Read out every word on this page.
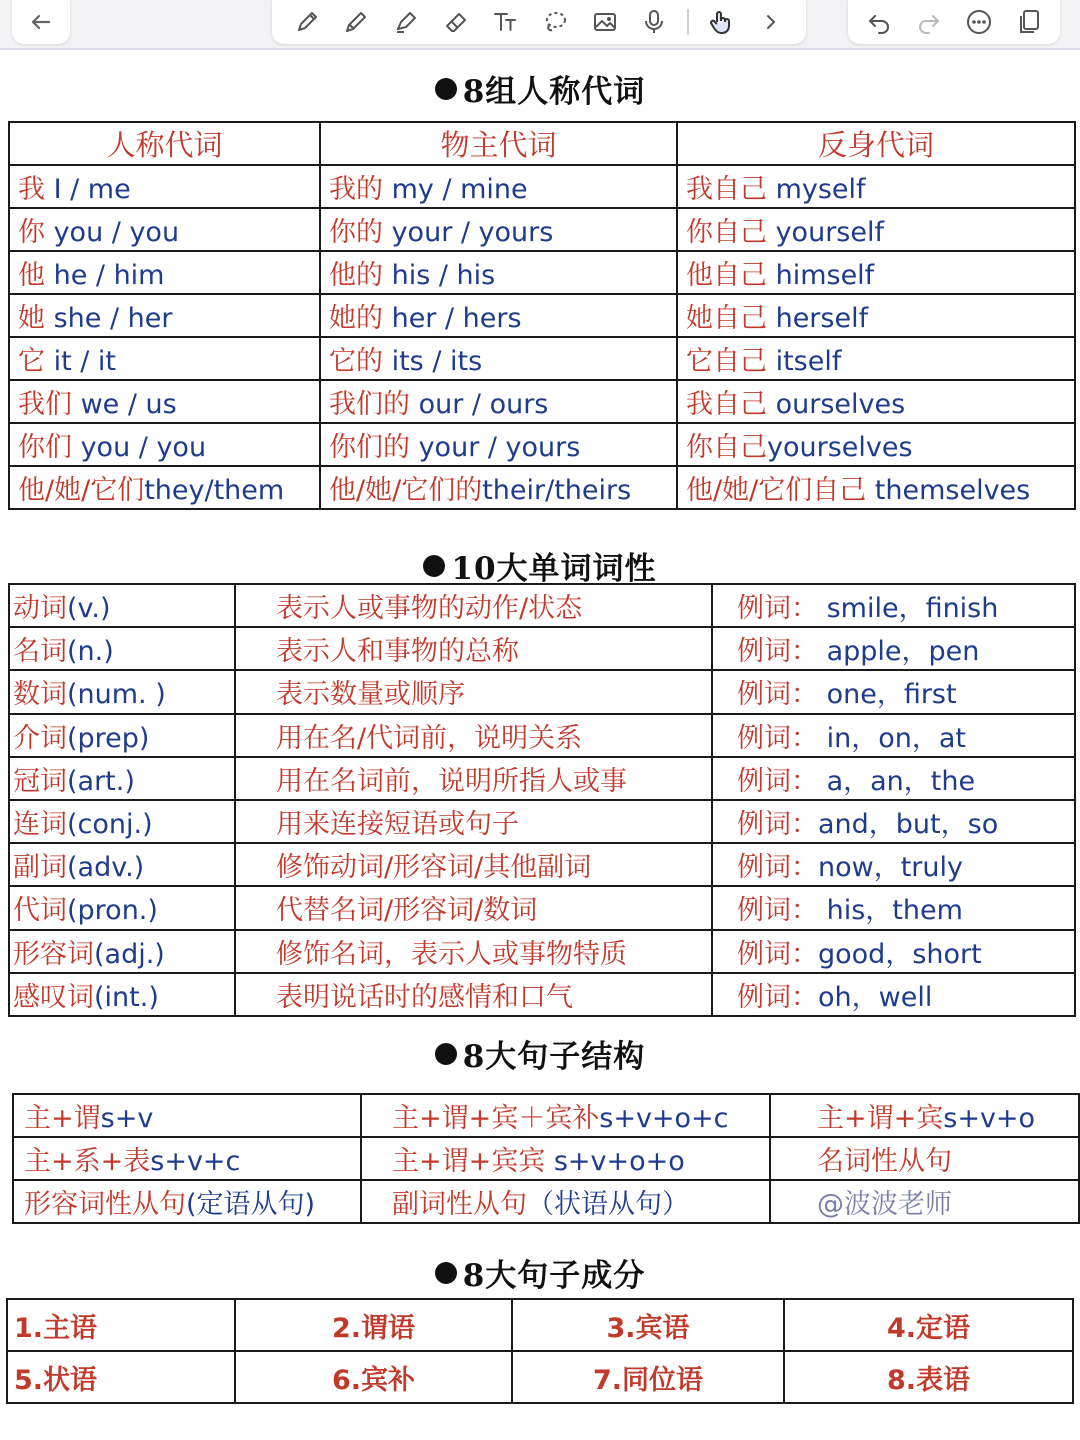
8组人称代词
人称代词	物主代词	反身代词
我 I / me	我的 my / mine	我自己 myself
你 you / you	你的 your / yours	你自己 yourself
他 he / him	他的 his / his	他自己 himself
她 she / her	她的 her / hers	她自己 herself
它 it / it	它的 its / its	它自己 itself
我们 we / us	我们的 our / ours	我自己 ourselves
你们 you / you	你们的 your / yours	你自己yourselves
他/她/它们they/them	他/她/它们的their/theirs	他/她/它们自己 themselves
10大单词词性
动词(v.)	表示人或事物的动作/状态	例词： smile，finish
名词(n.)	表示人和事物的总称	例词： apple，pen
数词(num. )	表示数量或顺序	例词： one，first
介词(prep)	用在名/代词前，说明关系	例词： in，on，at
冠词(art.)	用在名词前，说明所指人或事	例词： a，an，the
连词(conj.)	用来连接短语或句子	例词：and，but，so
副词(adv.)	修饰动词/形容词/其他副词	例词：now，truly
代词(pron.)	代替名词/形容词/数词	例词： his，them
形容词(adj.)	修饰名词，表示人或事物特质	例词：good，short
感叹词(int.)	表明说话时的感情和口气	例词：oh，well
8大句子结构
主+谓s+v	主+谓+宾＋宾补s+v+o+c	主+谓+宾s+v+o
主+系+表s+v+c	主+谓+宾宾 s+v+o+o	名词性从句
形容词性从句(定语从句)	副词性从句（状语从句）	@波波老师
8大句子成分
1.主语	2.谓语	3.宾语	4.定语
5.状语	6.宾补	7.同位语	8.表语
